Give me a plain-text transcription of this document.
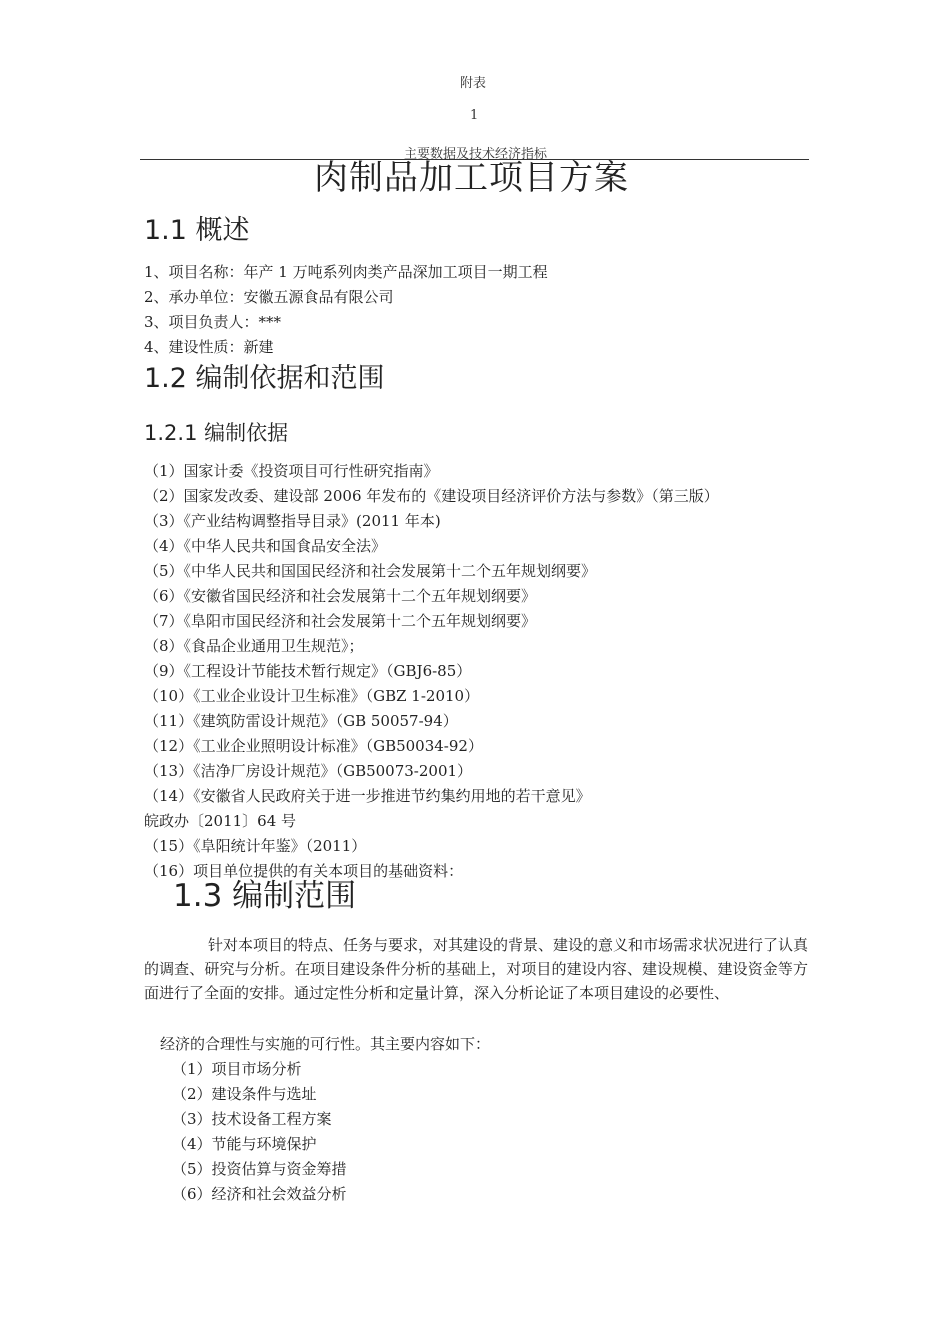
附表
1
主要数据及技术经济指标
肉制品加工项目方案
1.1 概述
1、项目名称：年产 1 万吨系列肉类产品深加工项目一期工程
2、承办单位：安徽五源食品有限公司
3、项目负责人：***
4、建设性质：新建
1.2 编制依据和范围
1.2.1 编制依据
（1）国家计委《投资项目可行性研究指南》
（2）国家发改委、建设部 2006 年发布的《建设项目经济评价方法与参数》（第三版）
（3）《产业结构调整指导目录》(2011 年本)
（4）《中华人民共和国食品安全法》
（5）《中华人民共和国国民经济和社会发展第十二个五年规划纲要》
（6）《安徽省国民经济和社会发展第十二个五年规划纲要》
（7）《阜阳市国民经济和社会发展第十二个五年规划纲要》
（8）《食品企业通用卫生规范》；
（9）《工程设计节能技术暂行规定》（GBJ6-85）
（10）《工业企业设计卫生标准》（GBZ 1-2010）
（11）《建筑防雷设计规范》（GB 50057-94）
（12）《工业企业照明设计标准》（GB50034-92）
（13）《洁净厂房设计规范》（GB50073-2001）
（14）《安徽省人民政府关于进一步推进节约集约用地的若干意见》
皖政办〔2011〕64 号
（15）《阜阳统计年鉴》（2011）
（16）项目单位提供的有关本项目的基础资料：
1.3 编制范围
针对本项目的特点、任务与要求，对其建设的背景、建设的意义和市场需求状况进行了认真的调查、研究与分析。在项目建设条件分析的基础上，对项目的建设内容、建设规模、建设资金等方面进行了全面的安排。通过定性分析和定量计算，深入分析论证了本项目建设的必要性、
经济的合理性与实施的可行性。其主要内容如下：
（1）项目市场分析
（2）建设条件与选址
（3）技术设备工程方案
（4）节能与环境保护
（5）投资估算与资金筹措
（6）经济和社会效益分析
